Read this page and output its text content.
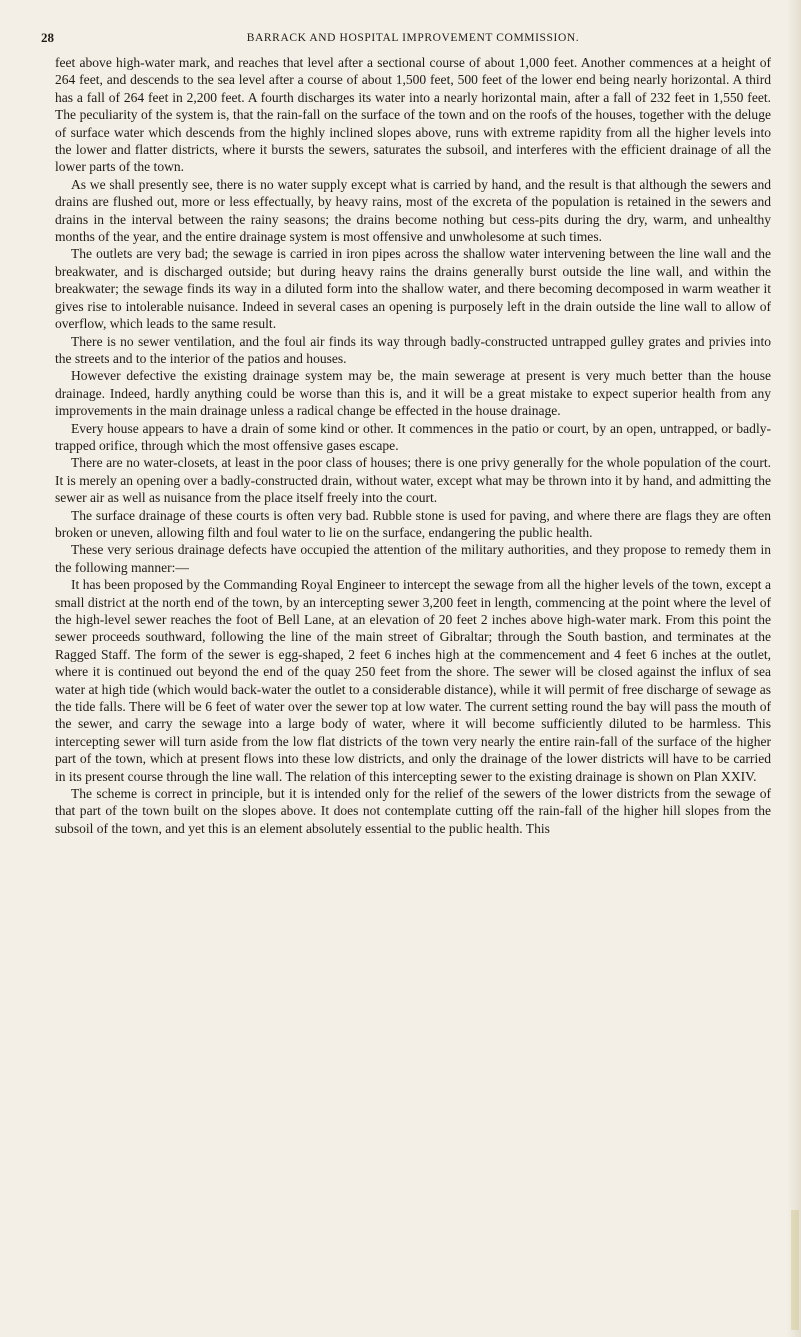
28	BARRACK AND HOSPITAL IMPROVEMENT COMMISSION.

feet above high-water mark, and reaches that level after a sectional course of about 1,000 feet. Another commences at a height of 264 feet, and descends to the sea level after a course of about 1,500 feet, 500 feet of the lower end being nearly horizontal. A third has a fall of 264 feet in 2,200 feet. A fourth discharges its water into a nearly horizontal main, after a fall of 232 feet in 1,550 feet. The peculiarity of the system is, that the rain-fall on the surface of the town and on the roofs of the houses, together with the deluge of surface water which descends from the highly inclined slopes above, runs with extreme rapidity from all the higher levels into the lower and flatter districts, where it bursts the sewers, saturates the subsoil, and interferes with the efficient drainage of all the lower parts of the town.

As we shall presently see, there is no water supply except what is carried by hand, and the result is that although the sewers and drains are flushed out, more or less effectually, by heavy rains, most of the excreta of the population is retained in the sewers and drains in the interval between the rainy seasons; the drains become nothing but cess-pits during the dry, warm, and unhealthy months of the year, and the entire drainage system is most offensive and unwholesome at such times.

The outlets are very bad; the sewage is carried in iron pipes across the shallow water intervening between the line wall and the breakwater, and is discharged outside; but during heavy rains the drains generally burst outside the line wall, and within the breakwater; the sewage finds its way in a diluted form into the shallow water, and there becoming decomposed in warm weather it gives rise to intolerable nuisance. Indeed in several cases an opening is purposely left in the drain outside the line wall to allow of overflow, which leads to the same result.

There is no sewer ventilation, and the foul air finds its way through badly-constructed untrapped gulley grates and privies into the streets and to the interior of the patios and houses.

However defective the existing drainage system may be, the main sewerage at present is very much better than the house drainage. Indeed, hardly anything could be worse than this is, and it will be a great mistake to expect superior health from any improvements in the main drainage unless a radical change be effected in the house drainage.

Every house appears to have a drain of some kind or other. It commences in the patio or court, by an open, untrapped, or badly-trapped orifice, through which the most offensive gases escape.

There are no water-closets, at least in the poor class of houses; there is one privy generally for the whole population of the court. It is merely an opening over a badly-constructed drain, without water, except what may be thrown into it by hand, and admitting the sewer air as well as nuisance from the place itself freely into the court.

The surface drainage of these courts is often very bad. Rubble stone is used for paving, and where there are flags they are often broken or uneven, allowing filth and foul water to lie on the surface, endangering the public health.

These very serious drainage defects have occupied the attention of the military authorities, and they propose to remedy them in the following manner:—

It has been proposed by the Commanding Royal Engineer to intercept the sewage from all the higher levels of the town, except a small district at the north end of the town, by an intercepting sewer 3,200 feet in length, commencing at the point where the level of the high-level sewer reaches the foot of Bell Lane, at an elevation of 20 feet 2 inches above high-water mark. From this point the sewer proceeds southward, following the line of the main street of Gibraltar; through the South bastion, and terminates at the Ragged Staff. The form of the sewer is egg-shaped, 2 feet 6 inches high at the commencement and 4 feet 6 inches at the outlet, where it is continued out beyond the end of the quay 250 feet from the shore. The sewer will be closed against the influx of sea water at high tide (which would back-water the outlet to a considerable distance), while it will permit of free discharge of sewage as the tide falls. There will be 6 feet of water over the sewer top at low water. The current setting round the bay will pass the mouth of the sewer, and carry the sewage into a large body of water, where it will become sufficiently diluted to be harmless. This intercepting sewer will turn aside from the low flat districts of the town very nearly the entire rain-fall of the surface of the higher part of the town, which at present flows into these low districts, and only the drainage of the lower districts will have to be carried in its present course through the line wall. The relation of this intercepting sewer to the existing drainage is shown on Plan XXIV.

The scheme is correct in principle, but it is intended only for the relief of the sewers of the lower districts from the sewage of that part of the town built on the slopes above. It does not contemplate cutting off the rain-fall of the higher hill slopes from the subsoil of the town, and yet this is an element absolutely essential to the public health. This
